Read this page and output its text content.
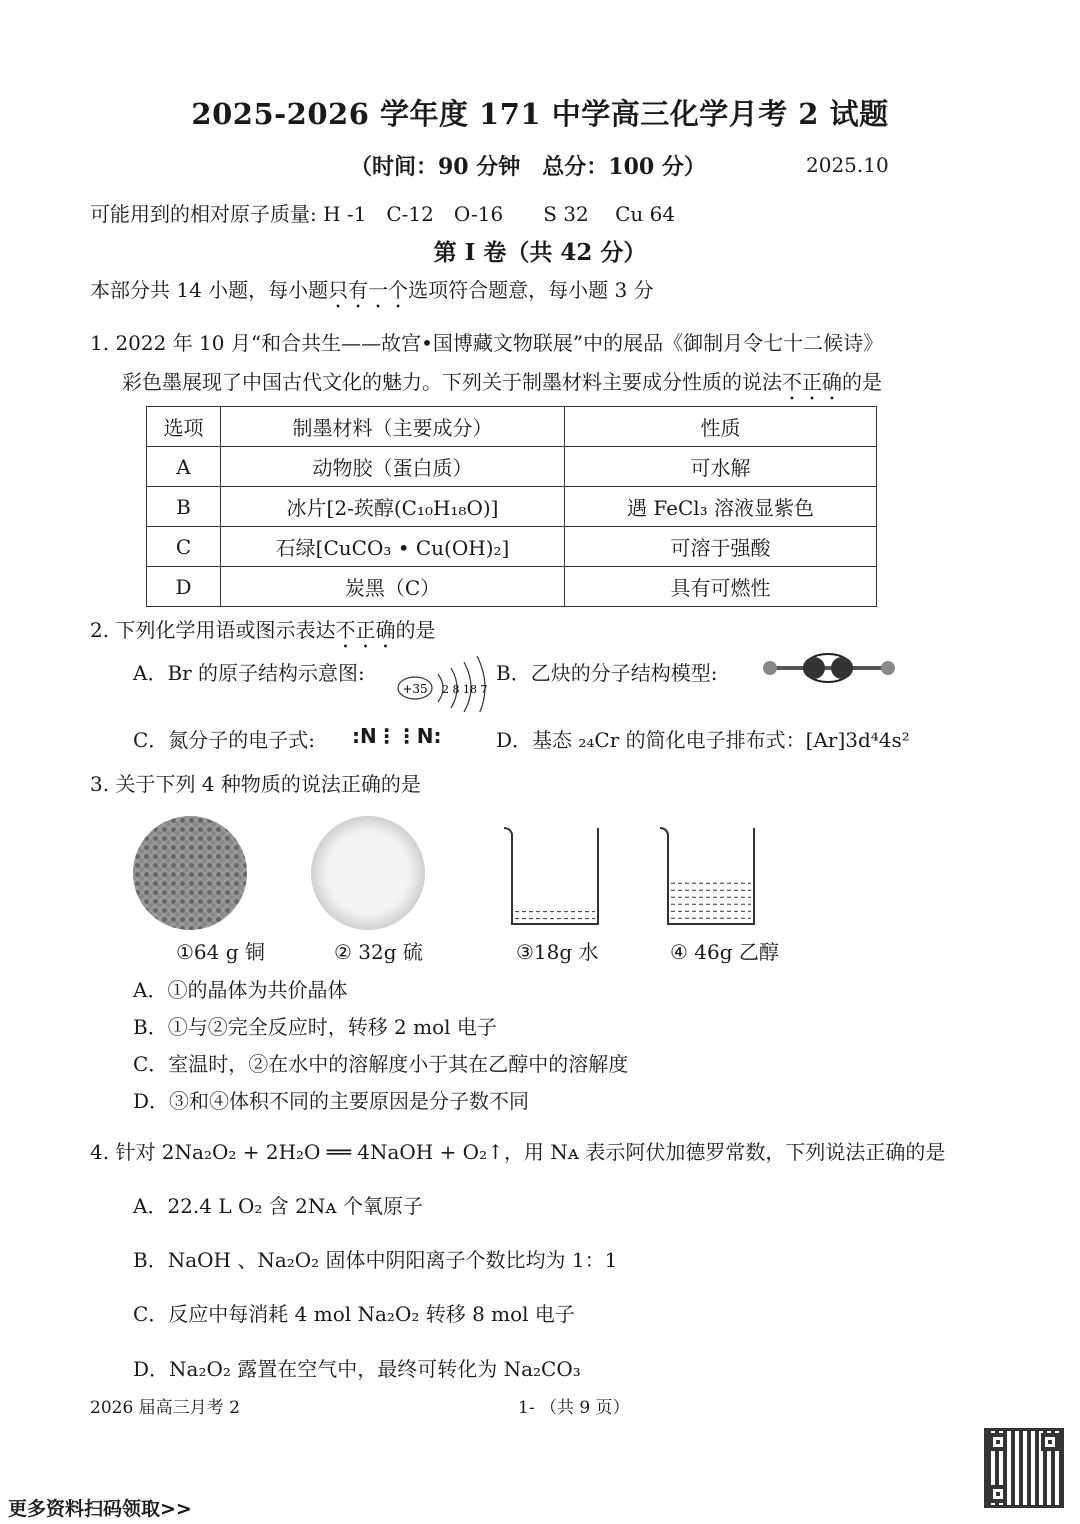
2025-2026 学年度 171 中学高三化学月考 2 试题
（时间：90 分钟　总分：100 分）	2025.10
可能用到的相对原子质量: H -1　C-12　O-16　　S 32　 Cu 64
第 I 卷（共 42 分）
本部分共 14 小题，每小题只有一个选项符合题意，每小题 3 分
1. 2022 年 10 月“和合共生——故宫•国博藏文物联展”中的展品《御制月令七十二候诗》
彩色墨展现了中国古代文化的魅力。下列关于制墨材料主要成分性质的说法不正确的是
选项	制墨材料（主要成分）	性质
A	动物胶（蛋白质）	可水解
B	冰片[2-莰醇(C₁₀H₁₈O)]	遇 FeCl₃ 溶液显紫色
C	石绿[CuCO₃ • Cu(OH)₂]	可溶于强酸
D	炭黑（C）	具有可燃性
2. 下列化学用语或图示表达不正确的是
A．Br 的原子结构示意图:
+35 2 8 18 7
B．乙炔的分子结构模型:
C．氮分子的电子式: :N⋮⋮N:	D．基态 ₂₄Cr 的简化电子排布式：[Ar]3d⁴4s²
3. 关于下列 4 种物质的说法正确的是
①64 g 铜	② 32g 硫	③18g 水	④ 46g 乙醇
A．①的晶体为共价晶体
B．①与②完全反应时，转移 2 mol 电子
C．室温时，②在水中的溶解度小于其在乙醇中的溶解度
D．③和④体积不同的主要原因是分子数不同
4. 针对 2Na₂O₂ + 2H₂O ══ 4NaOH + O₂↑，用 Nᴀ 表示阿伏加德罗常数，下列说法正确的是
A．22.4 L O₂ 含 2Nᴀ 个氧原子
B．NaOH 、Na₂O₂ 固体中阴阳离子个数比均为 1：1
C．反应中每消耗 4 mol Na₂O₂ 转移 8 mol 电子
D．Na₂O₂ 露置在空气中，最终可转化为 Na₂CO₃
2026 届高三月考 2	1- （共 9 页）
更多资料扫码领取>>
